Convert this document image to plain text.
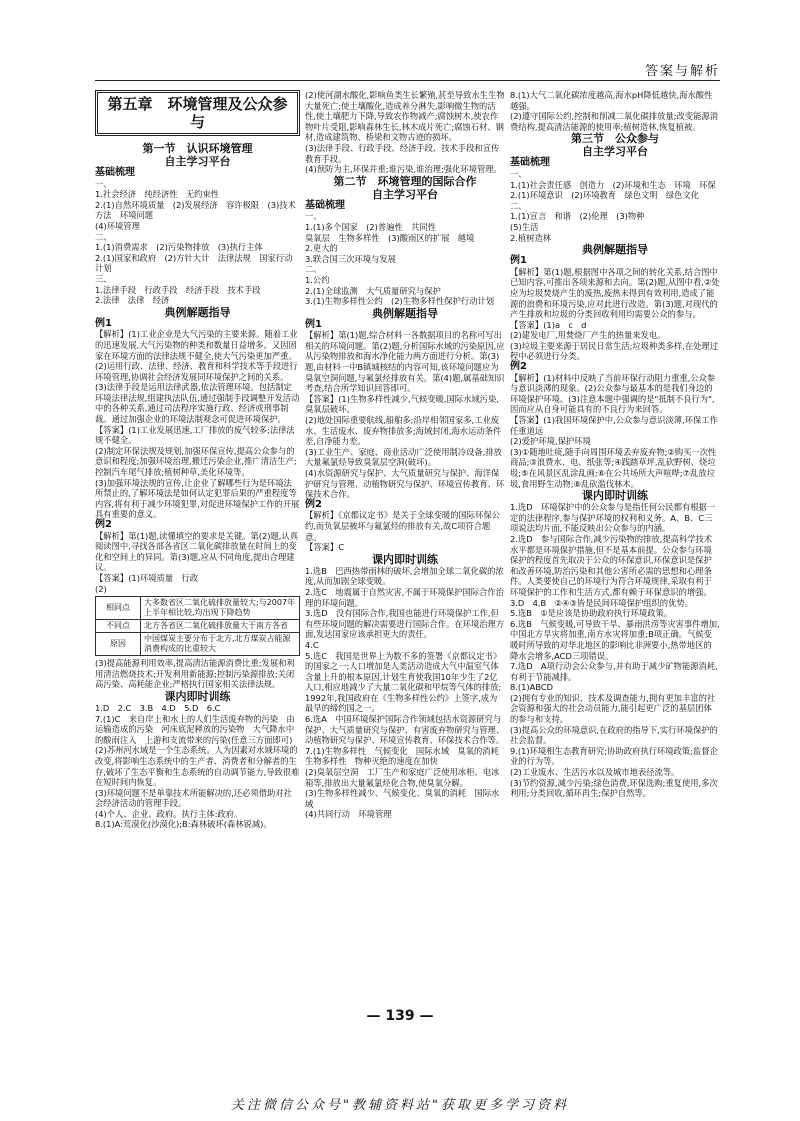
答案与解析
第五章　环境管理及公众参与

第一节　认识环境管理

自主学习平台

基础梳理

一、

1.社会经济　纯经济性　无约束性

2.(1)自然环境质量　(2)发展经济　容许极限　(3)技术方法　环境问题

(4)环境管理

二、

1.(1)消费需求　(2)污染物排放　(3)执行主体

2.(1)国家和政府　(2)方针大计　法律法规　国家行动计划

三、

1.法律手段　行政手段　经济手段　技术手段

2.法律　法律　经济

典例解题指导

例1

【解析】(1)工业企业是大气污染的主要来源。随着工业的迅速发展,大气污染物的种类和数量日益增多。又因固家在环境方面的法律法规不健全,使大气污染更加严重。(2)运用行政、法律、经济、教育和科学技术等手段进行环境管理,协调社会经济发展同环境保护之间的关系。(3)法律手段是运用法律武器,依法管理环境。包括制定环境法律法规,组建执法队伍,通过强制手段调整开发活动中的各种关系,通过司法程序实施行政、经济或刑事制裁。通过加强企业的环境法制观念可促进环境保护。

【答案】(1)工业发展迅速,工厂排放的废气较多;法律法规不健全。

(2)制定环保法规及规划,加强环保宣传,提高公众参与的意识和程度;加强环境治理,搬迁污染企业,推广清洁生产;控制汽车尾气排放;植树种草,美化环境等。

(3)加强环境法规的宣传,让企业了解哪些行为是环境法所禁止的,了解环境法是如何认定犯罪后果的严重程度等内容,将有利于减少环境犯罪,对促进环境保护工作的开展具有重要的意义。

例2

【解析】第(1)题,读懂填空的要求是关键。第(2)题,认真阅读图中,寻找各部各省区二氧化碳排放量在时间上的变化和空间上的异同。第(3)题,应从不同角度,提出合理建议。

【答案】(1)环境质量　行政

(2)

相同点	大多数省区二氧化硫排放量较大;与2007年上半年相比较,均出现下降趋势
不同点	北方各省区二氧化硫排放量大于南方各省
原因	中国煤炭主要分布于北方,北方煤炭占能源消费构成的比重较大

(3)提高能源利用效率,提高清洁能源消费比重;发展和利用清洁燃烧技术;开发利用新能源;控制污染源排放;关闭高污染、高耗能企业;严格执行国家相关法律法规。

课内即时训练

1.D　2.C　3.B　4.D　5.D　6.C

7.(1)C　来自岸上和水上的人们生活废弃物的污染　由运输造成的污染　河床底泥释放的污染物　大气降水中的酸雨注入　上游和支流带来的污染(任意三方面即可)

(2)苏州河水域是一个生态系统。人为因素对水域环境的改变,将影响生态系统中的生产者、消费者和分解者的生存,破坏了生态平衡和生态系统的自动调节能力,导致很难在短时间内恢复。

(3)环境问题不是单靠技术所能解决的,还必须借助对社会经济活动的管理手段。

(4)个人、企业、政府。执行主体:政府。

8.(1)A:荒漠化(沙漠化);B:森林破坏(森林锐减)。

(2)使河湖水酸化,影响鱼类生长繁殖,甚至导致水生生物大量死亡;使土壤酸化,造成养分淋失,影响微生物的活性,使土壤肥力下降,导致农作物减产;腐蚀树木,使农作物叶片受阻,影响森林生长,林木成片死亡;腐蚀石材、钢材,造成建筑物、桥梁和文物古迹的损坏。

(3)法律手段、行政手段、经济手段、技术手段和宣传教育手段。

(4)预防为主,环保并重;谁污染,谁治理;强化环境管理。

第二节　环境管理的国际合作

自主学习平台

基础梳理

一、

1.(1)多个国家　(2)普遍性　共同性

臭氧层　生物多样性　(3)酸雨区的扩展　越境

2.更大的

3.联合国三次环境与发展

二、

1.公约

2.(1)全球监测　大气质量研究与保护

3.(1)生物多样性公约　(2)生物多样性保护行动计划

典例解题指导

例1

【解析】第(1)题,综合材料一各数据项目的名称可写出相关的环境问题。第(2)题,分析国际水域的污染原因,应从污染物排放和海水净化能力两方面进行分析。第(3)题,由材料一中B镇城核结的内容可知,该环境问题应为臭氧空洞问题,与氟氯烃排放有关。第(4)题,属基础知识考查,结合所学知识回答即可。

【答案】(1)生物多样性减少,气候变暖,国际水域污染,臭氧层破坏。

(2)地处国际重要航线,船舶多;沿岸相邻国家多,工业废水、生活废水、废弃物排放多;海域封闭,海水运动条件差,自净能力差。

(3)工业生产、家庭、商业活动广泛使用制冷设备,排放大量氟氯烃导致臭氧层空洞(破坏)。

(4)水资源研究与保护、大气质量研究与保护、海洋保护研究与管理、动植物研究与保护、环境宣传教育、环保技术合作。

例2

【解析】《京都议定书》是关于全球变暖的国际环保公约,而负氧层被坏与氟氯烃的排放有关,故C项符合题意。

【答案】C

课内即时训练

1.选B　巴西热带雨林的破坏,会增加全球二氧化碳的浓度,从而加剧全球变暖。

2.选C　地震属于自然灾害,不属于环境保护国际合作治理的环境问题。

3.选D　没有国际合作,我国也能进行环境保护工作,但有些环境问题的解决需要进行国际合作。在环境治理方面,发达国家应该承担更大的责任。

4.C

5.选C　我国是世界上为数不多的签署《京都议定书》的国家之一;人口增加是人类活动造成大气中温室气体含量上升的根本原因,计划生育使我国10年少生了2亿人口,相应地减少了大量二氧化碳和甲烷等气体的排放;1992年,我国政府在《生物多样性公约》上签字,成为最早的缔约国之一。

6.选A　中国环境保护国际合作领域包括水资源研究与保护、大气质量研究与保护、有害废弃物研究与管理、动植物研究与保护、环境宣传教育、环保技术合作等。

7.(1)生物多样性　气候变化　国际水域　臭氧的消耗　生物多样性　物种灭绝的速度在加快

(2)臭氧层空洞　工厂生产和家庭广泛使用冰柜、电冰箱等,排放出大量氟氯烃化合物,使臭氧分解。

(3)生物多样性减少、气候变化、臭氧的消耗　国际水域

(4)共同行动　环境管理

8.(1)大气二氧化碳浓度越高,海水pH降低越快,海水酸性越强。

(2)遵守国际公约,控制和削减二氧化碳排放量;改变能源消费结构,提高清洁能源的使用率;植树造林,恢复植被。

第三节　公众参与

自主学习平台

基础梳理

一、

1.(1)社会责任感　创造力　(2)环境和生态　环境　环保

2.(1)环境意识　(2)环境教育　绿色文明　绿色文化

二、

1.(1)宣言　和谐　(2)伦理　(3)物种

(5)生活

2.植树造林

典例解题指导

例1

【解析】第(1)题,根据图中各项之间的转化关系,结合图中已知内容,可推出各项来源和去向。第(2)题,从图中看,②处应为垃圾焚烧产生的废热,废热未得到有效利用,造成了能源的浪费和环境污染,应对此进行改造。第(3)题,对现代的产生排放和垃圾的分类回收利用均需要公众的参与。

【答案】(1)a　c　d

(2)建发电厂,用焚烧厂产生的热量来发电。

(3)垃圾主要来源于居民日常生活;垃圾种类多样,在处理过程中必须进行分类。

例2

【解析】(1)材料中反映了当前环保行动阻力重重,公众参与意识淡薄的现象。(2)公众参与最基本的是我们身边的环境保护环境。(3)注意本题中强调的是"抵制不良行为",因而应从自身可能具有的不良行为来回答。

【答案】(1)我国环境保护中,公众参与意识淡薄,环保工作任重道远

(2)爱护环境,保护环境

(3)①随地吐痰,随手向周围环境丢弃废弃物;②购买一次性商品;③浪费水、电、纸张等;④践踏草坪,乱砍野树、烧垃圾;⑤在风景区乱涂乱画;⑥在公共场所大声喧哗;⑦乱放垃圾,食用野生动物;⑧乱砍滥伐林木。

课内即时训练

1.选D　环境保护中的公众参与是指任何公民都有根据一定的法律程序,参与保护环境的权利和义务。A、B、C三项说法均片面,不能反映出公众参与的内涵。

2.选D　参与国际合作,减少污染物的排放,提高科学技术水平都是环境保护措施,但不是基本前提。公众参与环境保护的程度首先取决于公众的环保意识,环保意识是保护和改善环境,防治污染和其他公害所必需的思想和心理条件。人类要使自己的环境行为符合环境规律,采取有利于环境保护的工作和生活方式,都有赖于环保意识的增强。

3.D　4.B　②④③皆是民间环境保护组织的优势。

5.选B　①是应该是协助政府执行环境政策。

6.选B　气候变暖,可导致干旱、暴雨洪涝等灾害事件增加,中国北方旱灾将加重,南方水灾将加重;B项正确。气候变暖时所导致的对华北地区的影响比非洲要小,热带地区的降水会增多,ACD三项错误。

7.选D　A项行动会公众参与,并有助于减少矿物能源消耗,有利于节能减排。

8.(1)ABCD

(2)拥有专业的知识、技术及调查能力,拥有更加丰富的社会资源和强大的社会动员能力,能引起更广泛的基层团体的参与和支持。

(3)提高公众的环境意识,在政府的指导下,实行环境保护的社会监督。

9.(1)环境相生态教育研究;协助政府执行环境政策;监督企业的行为等。

(2)工业废水、生活污水以及城市地表径流等。

(3)节约资源,减少污染;绿色消费,环保选购;重复使用,多次利用;分类回收,循环再生;保护自然等。

— 139 —
关注微信公众号"教辅资料站"获取更多学习资料
